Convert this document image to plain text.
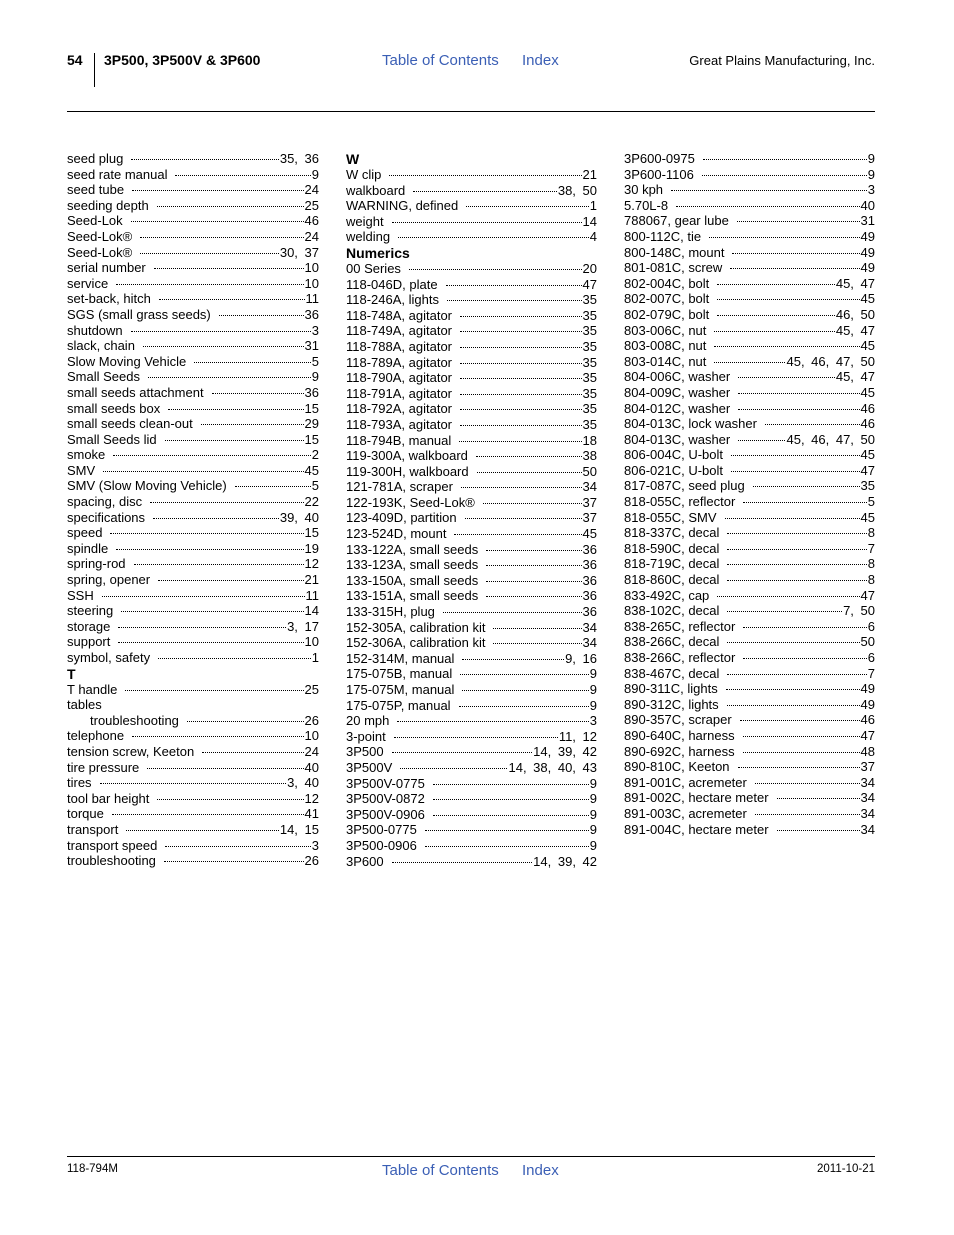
54 3P500, 3P500V & 3P600	Table of Contents Index	Great Plains Manufacturing, Inc.
seed plug	35, 36
seed rate manual	9
seed tube	24
seeding depth	25
Seed-Lok	46
Seed-Lok®	24
Seed-Lok®	30, 37
serial number	10
service	10
set-back, hitch	11
SGS (small grass seeds)	36
shutdown	3
slack, chain	31
Slow Moving Vehicle	5
Small Seeds	9
small seeds attachment	36
small seeds box	15
small seeds clean-out	29
Small Seeds lid	15
smoke	2
SMV	45
SMV (Slow Moving Vehicle)	5
spacing, disc	22
specifications	39, 40
speed	15
spindle	19
spring-rod	12
spring, opener	21
SSH	11
steering	14
storage	3, 17
support	10
symbol, safety	1
T
T handle	25
tables
troubleshooting	26
telephone	10
tension screw, Keeton	24
tire pressure	40
tires	3, 40
tool bar height	12
torque	41
transport	14, 15
transport speed	3
troubleshooting	26
W
W clip	21
walkboard	38, 50
WARNING, defined	1
weight	14
welding	4
Numerics
00 Series	20
118-046D, plate	47
118-246A, lights	35
118-748A, agitator	35
118-749A, agitator	35
118-788A, agitator	35
118-789A, agitator	35
118-790A, agitator	35
118-791A, agitator	35
118-792A, agitator	35
118-793A, agitator	35
118-794B, manual	18
119-300A, walkboard	38
119-300H, walkboard	50
121-781A, scraper	34
122-193K, Seed-Lok®	37
123-409D, partition	37
123-524D, mount	45
133-122A, small seeds	36
133-123A, small seeds	36
133-150A, small seeds	36
133-151A, small seeds	36
133-315H, plug	36
152-305A, calibration kit	34
152-306A, calibration kit	34
152-314M, manual	9, 16
175-075B, manual	9
175-075M, manual	9
175-075P, manual	9
20 mph	3
3-point	11, 12
3P500	14, 39, 42
3P500V	14, 38, 40, 43
3P500V-0775	9
3P500V-0872	9
3P500V-0906	9
3P500-0775	9
3P500-0906	9
3P600	14, 39, 42
3P600-0975	9
3P600-1106	9
30 kph	3
5.70L-8	40
788067, gear lube	31
800-112C, tie	49
800-148C, mount	49
801-081C, screw	49
802-004C, bolt	45, 47
802-007C, bolt	45
802-079C, bolt	46, 50
803-006C, nut	45, 47
803-008C, nut	45
803-014C, nut	45, 46, 47, 50
804-006C, washer	45, 47
804-009C, washer	45
804-012C, washer	46
804-013C, lock washer	46
804-013C, washer	45, 46, 47, 50
806-004C, U-bolt	45
806-021C, U-bolt	47
817-087C, seed plug	35
818-055C, reflector	5
818-055C, SMV	45
818-337C, decal	8
818-590C, decal	7
818-719C, decal	8
818-860C, decal	8
833-492C, cap	47
838-102C, decal	7, 50
838-265C, reflector	6
838-266C, decal	50
838-266C, reflector	6
838-467C, decal	7
890-311C, lights	49
890-312C, lights	49
890-357C, scraper	46
890-640C, harness	47
890-692C, harness	48
890-810C, Keeton	37
891-001C, acremeter	34
891-002C, hectare meter	34
891-003C, acremeter	34
891-004C, hectare meter	34
118-794M	Table of Contents Index	2011-10-21
